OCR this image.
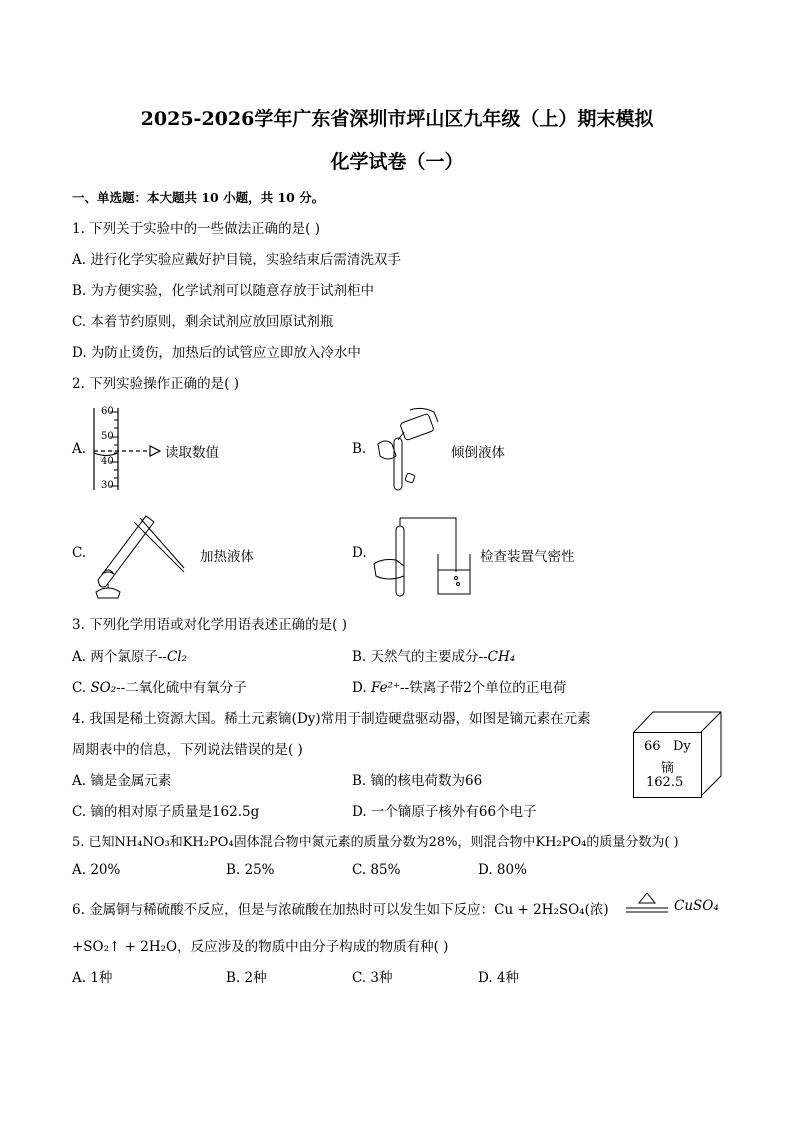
2025-2026学年广东省深圳市坪山区九年级（上）期末模拟
化学试卷（一）
一、单选题：本大题共 10 小题，共 10 分。
1. 下列关于实验中的一些做法正确的是( )
A. 进行化学实验应戴好护目镜，实验结束后需清洗双手
B. 为方便实验，化学试剂可以随意存放于试剂柜中
C. 本着节约原则，剩余试剂应放回原试剂瓶
D. 为防止烫伤，加热后的试管应立即放入冷水中
2. 下列实验操作正确的是( )
A.
60
50
40
30
读取数值	B.	倾倒液体
C.	加热液体	D.	检查装置气密性
3. 下列化学用语或对化学用语表述正确的是( )
A. 两个氯原子--Cl₂	B. 天然气的主要成分--CH₄
C. SO₂--二氧化硫中有氧分子	D. Fe²⁺--铁离子带2个单位的正电荷
4. 我国是稀土资源大国。稀土元素镝(Dy)常用于制造硬盘驱动器，如图是镝元素在元素
周期表中的信息，下列说法错误的是( )
A. 镝是金属元素	B. 镝的核电荷数为66
C. 镝的相对原子质量是162.5g	D. 一个镝原子核外有66个电子
66 Dy
镝
162.5
5. 已知NH₄NO₃和KH₂PO₄固体混合物中氮元素的质量分数为28%，则混合物中KH₂PO₄的质量分数为( )
A. 20%	B. 25%	C. 85%	D. 80%
6. 金属铜与稀硫酸不反应，但是与浓硫酸在加热时可以发生如下反应：Cu + 2H₂SO₄(浓)	CuSO₄
+SO₂↑ + 2H₂O，反应涉及的物质中由分子构成的物质有种( )
A. 1种	B. 2种	C. 3种	D. 4种
